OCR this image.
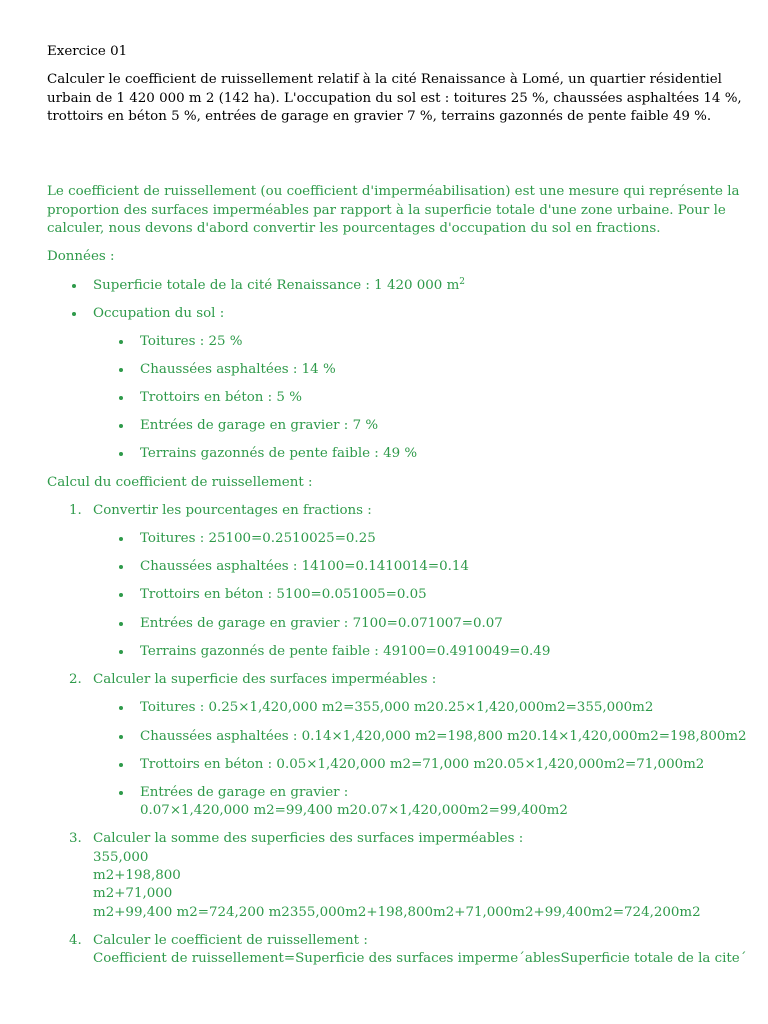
Exercice 01
Calculer le coefficient de ruissellement relatif à la cité Renaissance à Lomé, un quartier résidentiel
urbain de 1 420 000 m 2 (142 ha). L'occupation du sol est : toitures 25 %, chaussées asphaltées 14 %,
trottoirs en béton 5 %, entrées de garage en gravier 7 %, terrains gazonnés de pente faible 49 %.
Le coefficient de ruissellement (ou coefficient d'imperméabilisation) est une mesure qui représente la
proportion des surfaces imperméables par rapport à la superficie totale d'une zone urbaine. Pour le
calculer, nous devons d'abord convertir les pourcentages d'occupation du sol en fractions.
Données :
Superficie totale de la cité Renaissance : 1 420 000 $m^2$
Occupation du sol :
Toitures : 25 %
Chaussées asphaltées : 14 %
Trottoirs en béton : 5 %
Entrées de garage en gravier : 7 %
Terrains gazonnés de pente faible : 49 %
Calcul du coefficient de ruissellement :
1. Convertir les pourcentages en fractions :
Toitures : 25100=0.2510025=0.25
Chaussées asphaltées : 14100=0.1410014=0.14
Trottoirs en béton : 5100=0.051005=0.05
Entrées de garage en gravier : 7100=0.071007=0.07
Terrains gazonnés de pente faible : 49100=0.4910049=0.49
2. Calculer la superficie des surfaces imperméables :
Toitures : 0.25×1,420,000 m2=355,000 m20.25×1,420,000m2=355,000m2
Chaussées asphaltées : 0.14×1,420,000 m2=198,800 m20.14×1,420,000m2=198,800m2
Trottoirs en béton : 0.05×1,420,000 m2=71,000 m20.05×1,420,000m2=71,000m2
Entrées de garage en gravier :
0.07×1,420,000 m2=99,400 m20.07×1,420,000m2=99,400m2
3. Calculer la somme des superficies des surfaces imperméables :
355,000
m2+198,800
m2+71,000
m2+99,400 m2=724,200 m2355,000m2+198,800m2+71,000m2+99,400m2=724,200m2
4. Calculer le coefficient de ruissellement :
Coefficient de ruissellement=Superficie des surfaces imperme´ablesSuperficie totale de la cite´
